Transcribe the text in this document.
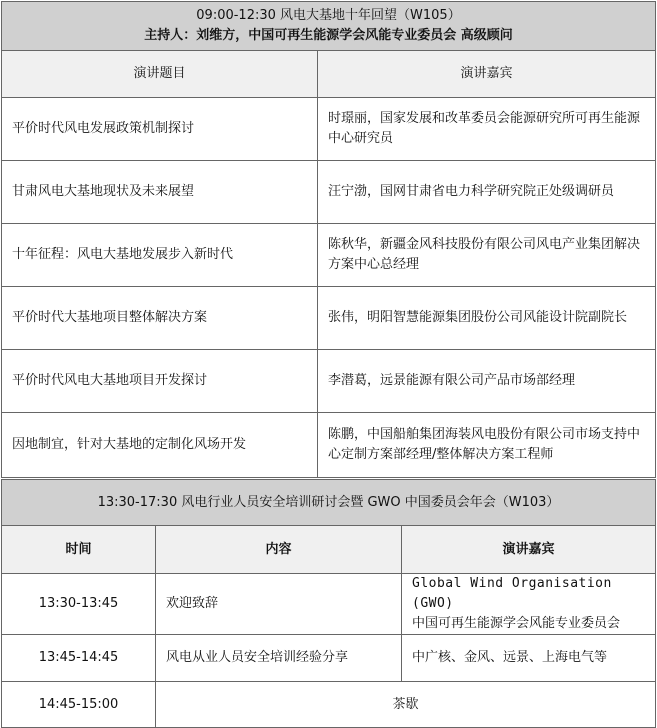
09:00-12:30 风电大基地十年回望（W105）
主持人：刘维方，中国可再生能源学会风能专业委员会 高级顾问	

演讲题目	演讲嘉宾
平价时代风电发展政策机制探讨	时璟丽，国家发展和改革委员会能源研究所可再生能源中心研究员
甘肃风电大基地现状及未来展望	汪宁渤，国网甘肃省电力科学研究院正处级调研员
十年征程：风电大基地发展步入新时代	陈秋华，新疆金风科技股份有限公司风电产业集团解决方案中心总经理
平价时代大基地项目整体解决方案	张伟，明阳智慧能源集团股份公司风能设计院副院长
平价时代风电大基地项目开发探讨	李潜葛，远景能源有限公司产品市场部经理
因地制宜，针对大基地的定制化风场开发	陈鹏，中国船舶集团海装风电股份有限公司市场支持中心定制方案部经理/整体解决方案工程师
13:30-17:30 风电行业人员安全培训研讨会暨 GWO 中国委员会年会（W103）		
时间	内容	演讲嘉宾
13:30-13:45	欢迎致辞	Global Wind Organisation (GWO)
中国可再生能源学会风能专业委员会

13:45-14:45	风电从业人员安全培训经验分享	中广核、金风、远景、上海电气等
14:45-15:00	茶歇	
